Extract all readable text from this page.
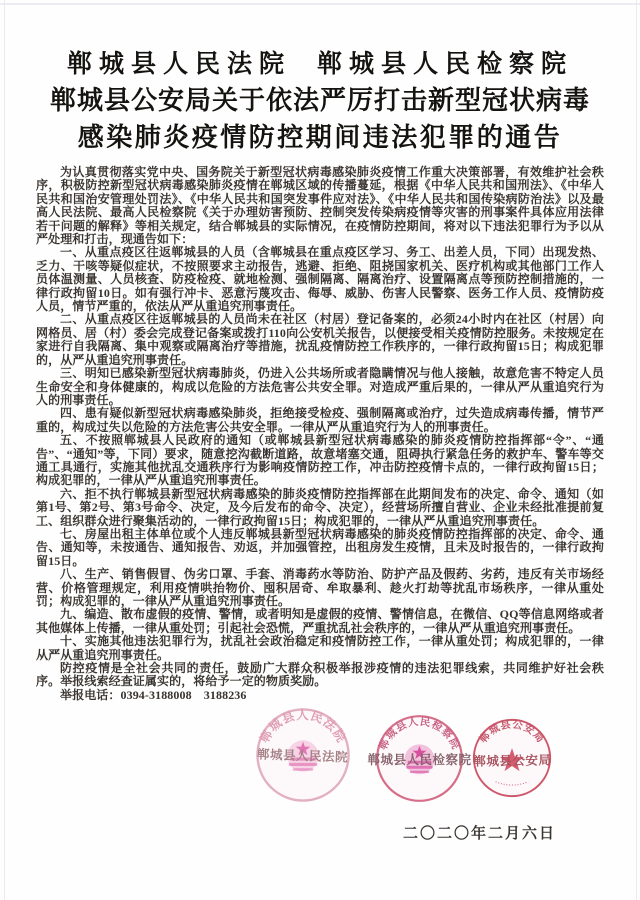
郸城县人民法院 郸城县人民检察院
郸城县公安局关于依法严厉打击新型冠状病毒
感染肺炎疫情防控期间违法犯罪的通告

为认真贯彻落实党中央、国务院关于新型冠状病毒感染肺炎疫情工作重大决策部署，有效维护社会秩序，积极防控新型冠状病毒感染肺炎疫情在郸城区域的传播蔓延，根据《中华人民共和国刑法》、《中华人民共和国治安管理处罚法》、《中华人民共和国突发事件应对法》、《中华人民共和国传染病防治法》以及最高人民法院、最高人民检察院《关于办理妨害预防、控制突发传染病疫情等灾害的刑事案件具体应用法律若干问题的解释》等相关规定，结合郸城县的实际情况，在疫情防控期间，将对以下违法犯罪行为予以从严处理和打击，现通告如下：

一、从重点疫区往返郸城县的人员（含郸城县在重点疫区学习、务工、出差人员，下同）出现发热、乏力、干咳等疑似症状，不按照要求主动报告，逃避、拒绝、阻挠国家机关、医疗机构或其他部门工作人员体温测量、人员核查、防疫检疫、就地检测、强制隔离、隔离治疗、设置隔离点等预防控制措施的，一律行政拘留10日。如有强行冲卡、恶意污蔑攻击、侮辱、威胁、伤害人民警察、医务工作人员、疫情防疫人员，情节严重的，依法从严从重追究刑事责任。

二、从重点疫区往返郸城县的人员尚未在社区（村居）登记备案的，必须24小时内在社区（村居）向网格员、居（村）委会完成登记备案或拨打110向公安机关报告，以便接受相关疫情防控服务。未按规定在家进行自我隔离、集中观察或隔离治疗等措施，扰乱疫情防控工作秩序的，一律行政拘留15日；构成犯罪的，从严从重追究刑事责任。

三、明知已感染新型冠状病毒肺炎，仍进入公共场所或者隐瞒情况与他人接触，故意危害不特定人员生命安全和身体健康的，构成以危险的方法危害公共安全罪。对造成严重后果的，一律从严从重追究行为人的刑事责任。

四、患有疑似新型冠状病毒感染肺炎，拒绝接受检疫、强制隔离或治疗，过失造成病毒传播，情节严重的，构成过失以危险的方法危害公共安全罪。一律从严从重追究行为人的刑事责任。

五、不按照郸城县人民政府的通知（或郸城县新型冠状病毒感染的肺炎疫情防控指挥部“令”、“通告”、“通知”等，下同）要求，随意挖沟截断道路，故意堵塞交通，阻碍执行紧急任务的救护车、警车等交通工具通行，实施其他扰乱交通秩序行为影响疫情防控工作，冲击防控疫情卡点的，一律行政拘留15日；构成犯罪的，一律从严从重追究刑事责任。

六、拒不执行郸城县新型冠状病毒感染的肺炎疫情防控指挥部在此期间发布的决定、命令、通知（如第1号、第2号、第3号命令、决定，及今后发布的命令、决定），经营场所擅自营业、企业未经批准提前复工、组织群众进行聚集活动的，一律行政拘留15日；构成犯罪的，一律从严从重追究刑事责任。

七、房屋出租主体单位或个人违反郸城县新型冠状病毒感染的肺炎疫情防控指挥部的决定、命令、通告、通知等，未按通告、通知报告、劝返，并加强管控，出租房发生疫情，且未及时报告的，一律行政拘留15日。

八、生产、销售假冒、伪劣口罩、手套、消毒药水等防治、防护产品及假药、劣药，违反有关市场经营、价格管理规定，利用疫情哄抬物价、囤积居奇、牟取暴利、趁火打劫等扰乱市场秩序，一律从重处罚；构成犯罪的，一律从严从重追究刑事责任。

九、编造、散布虚假的疫情、警情，或者明知是虚假的疫情、警情信息，在微信、QQ等信息网络或者其他媒体上传播，一律从重处罚；引起社会恐慌，严重扰乱社会秩序的，一律从严从重追究刑事责任。

十、实施其他违法犯罪行为，扰乱社会政治稳定和疫情防控工作，一律从重处罚；构成犯罪的，一律从严从重追究刑事责任。

防控疫情是全社会共同的责任，鼓励广大群众积极举报涉疫情的违法犯罪线索，共同维护好社会秩序。举报线索经查证属实的，将给予一定的物质奖励。

举报电话：0394-3188008　3188236

郸城县人民法院
郸城县人民法院
郸城县人民检察院
郸城县人民检察院
郸城县公安局
郸城县公安局
二〇二〇年二月六日
